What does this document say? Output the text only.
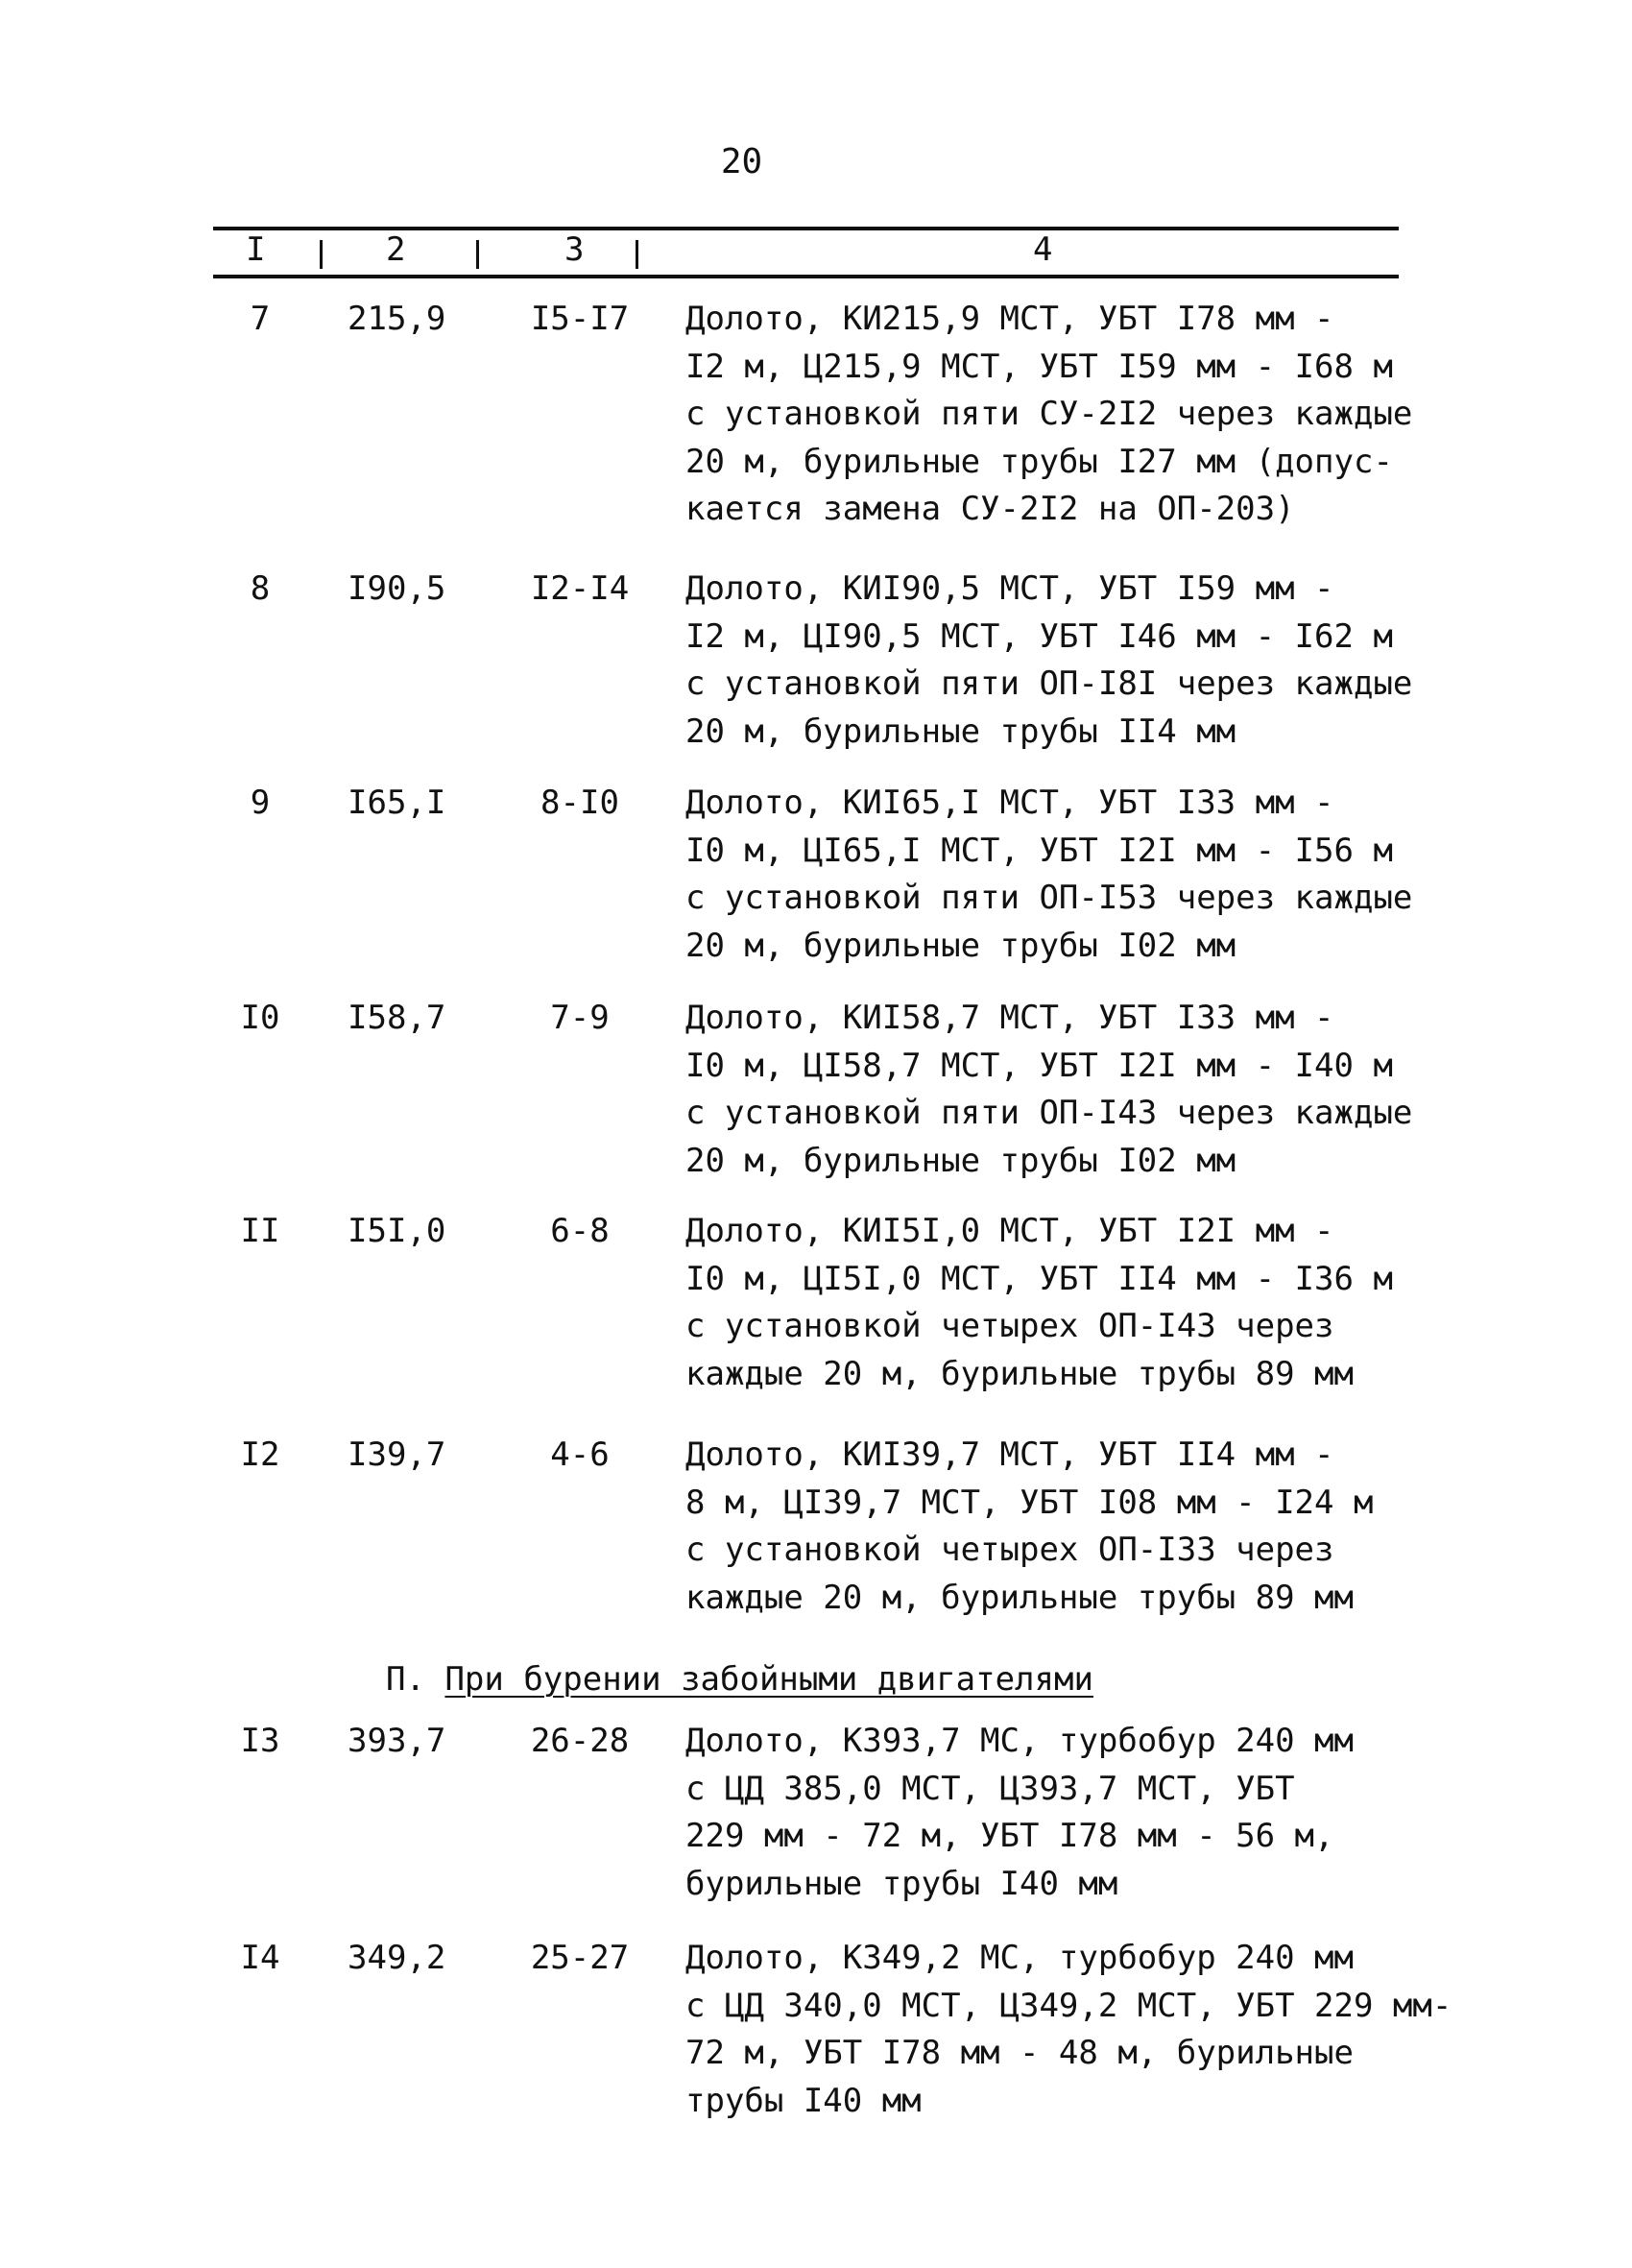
20
I	2	3	4
7	215,9	I5-I7 Долото, КИ215,9 МСТ, УБТ I78 мм -
I2 м, Ц215,9 МСТ, УБТ I59 мм - I68 м
с установкой пяти СУ-2I2 через каждые
20 м, бурильные трубы I27 мм (допус-
кается замена СУ-2I2 на ОП-203)
8	I90,5	I2-I4 Долото, КИI90,5 МСТ, УБТ I59 мм -
I2 м, ЦI90,5 МСТ, УБТ I46 мм - I62 м
с установкой пяти ОП-I8I через каждые
20 м, бурильные трубы II4 мм
9	I65,I	8-I0	Долото, КИI65,I МСТ, УБТ I33 мм -
I0 м, ЦI65,I МСТ, УБТ I2I мм - I56 м
с установкой пяти ОП-I53 через каждые
20 м, бурильные трубы I02 мм
I0	I58,7	7-9	Долото, КИI58,7 МСТ, УБТ I33 мм -
I0 м, ЦI58,7 МСТ, УБТ I2I мм - I40 м
с установкой пяти ОП-I43 через каждые
20 м, бурильные трубы I02 мм
II	I5I,0	6-8	Долото, КИI5I,0 МСТ, УБТ I2I мм -
I0 м, ЦI5I,0 МСТ, УБТ II4 мм - I36 м
с установкой четырех ОП-I43 через
каждые 20 м, бурильные трубы 89 мм
I2	I39,7	4-6	Долото, КИI39,7 МСТ, УБТ II4 мм -
8 м, ЦI39,7 МСТ, УБТ I08 мм - I24 м
с установкой четырех ОП-I33 через
каждые 20 м, бурильные трубы 89 мм
П. При бурении забойными двигателями
I3	393,7	26-28 Долото, К393,7 МС, турбобур 240 мм
с ЦД 385,0 МСТ, Ц393,7 МСТ, УБТ
229 мм - 72 м, УБТ I78 мм - 56 м,
бурильные трубы I40 мм
I4	349,2	25-27 Долото, К349,2 МС, турбобур 240 мм
с ЦД 340,0 МСТ, Ц349,2 МСТ, УБТ 229 мм-
72 м, УБТ I78 мм - 48 м, бурильные
трубы I40 мм
